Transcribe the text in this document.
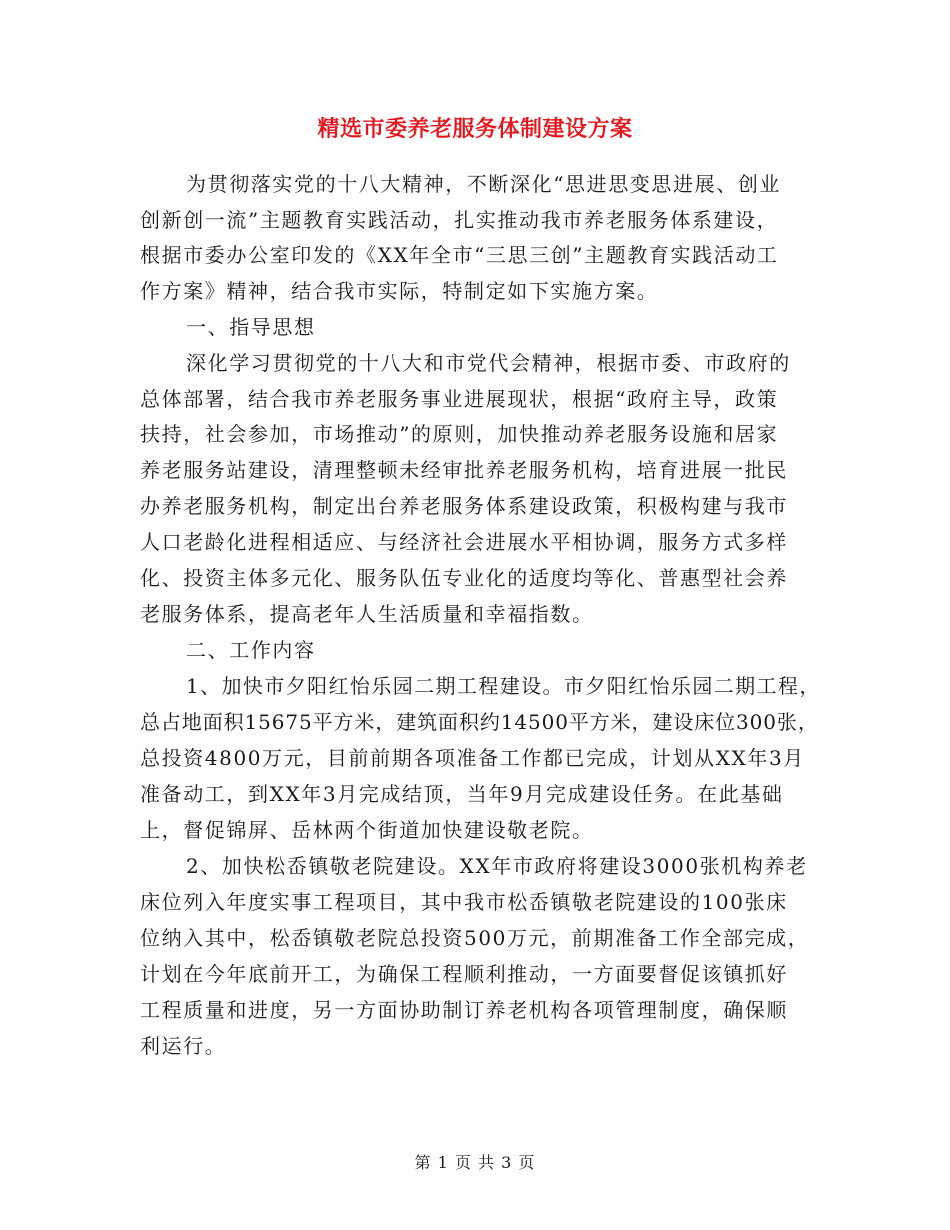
精选市委养老服务体制建设方案
为贯彻落实党的十八大精神，不断深化“思进思变思进展、创业
创新创一流”主题教育实践活动，扎实推动我市养老服务体系建设，
根据市委办公室印发的《XX年全市“三思三创”主题教育实践活动工
作方案》精神，结合我市实际，特制定如下实施方案。
一、指导思想
深化学习贯彻党的十八大和市党代会精神，根据市委、市政府的
总体部署，结合我市养老服务事业进展现状，根据“政府主导，政策
扶持，社会参加，市场推动”的原则，加快推动养老服务设施和居家
养老服务站建设，清理整顿未经审批养老服务机构，培育进展一批民
办养老服务机构，制定出台养老服务体系建设政策，积极构建与我市
人口老龄化进程相适应、与经济社会进展水平相协调，服务方式多样
化、投资主体多元化、服务队伍专业化的适度均等化、普惠型社会养
老服务体系，提高老年人生活质量和幸福指数。
二、工作内容
1、加快市夕阳红怡乐园二期工程建设。市夕阳红怡乐园二期工程，
总占地面积15675平方米，建筑面积约14500平方米，建设床位300张，
总投资4800万元，目前前期各项准备工作都已完成，计划从XX年3月
准备动工，到XX年3月完成结顶，当年9月完成建设任务。在此基础
上，督促锦屏、岳林两个街道加快建设敬老院。
2、加快松岙镇敬老院建设。XX年市政府将建设3000张机构养老
床位列入年度实事工程项目，其中我市松岙镇敬老院建设的100张床
位纳入其中，松岙镇敬老院总投资500万元，前期准备工作全部完成，
计划在今年底前开工，为确保工程顺利推动，一方面要督促该镇抓好
工程质量和进度，另一方面协助制订养老机构各项管理制度，确保顺
利运行。
第 1 页 共 3 页
